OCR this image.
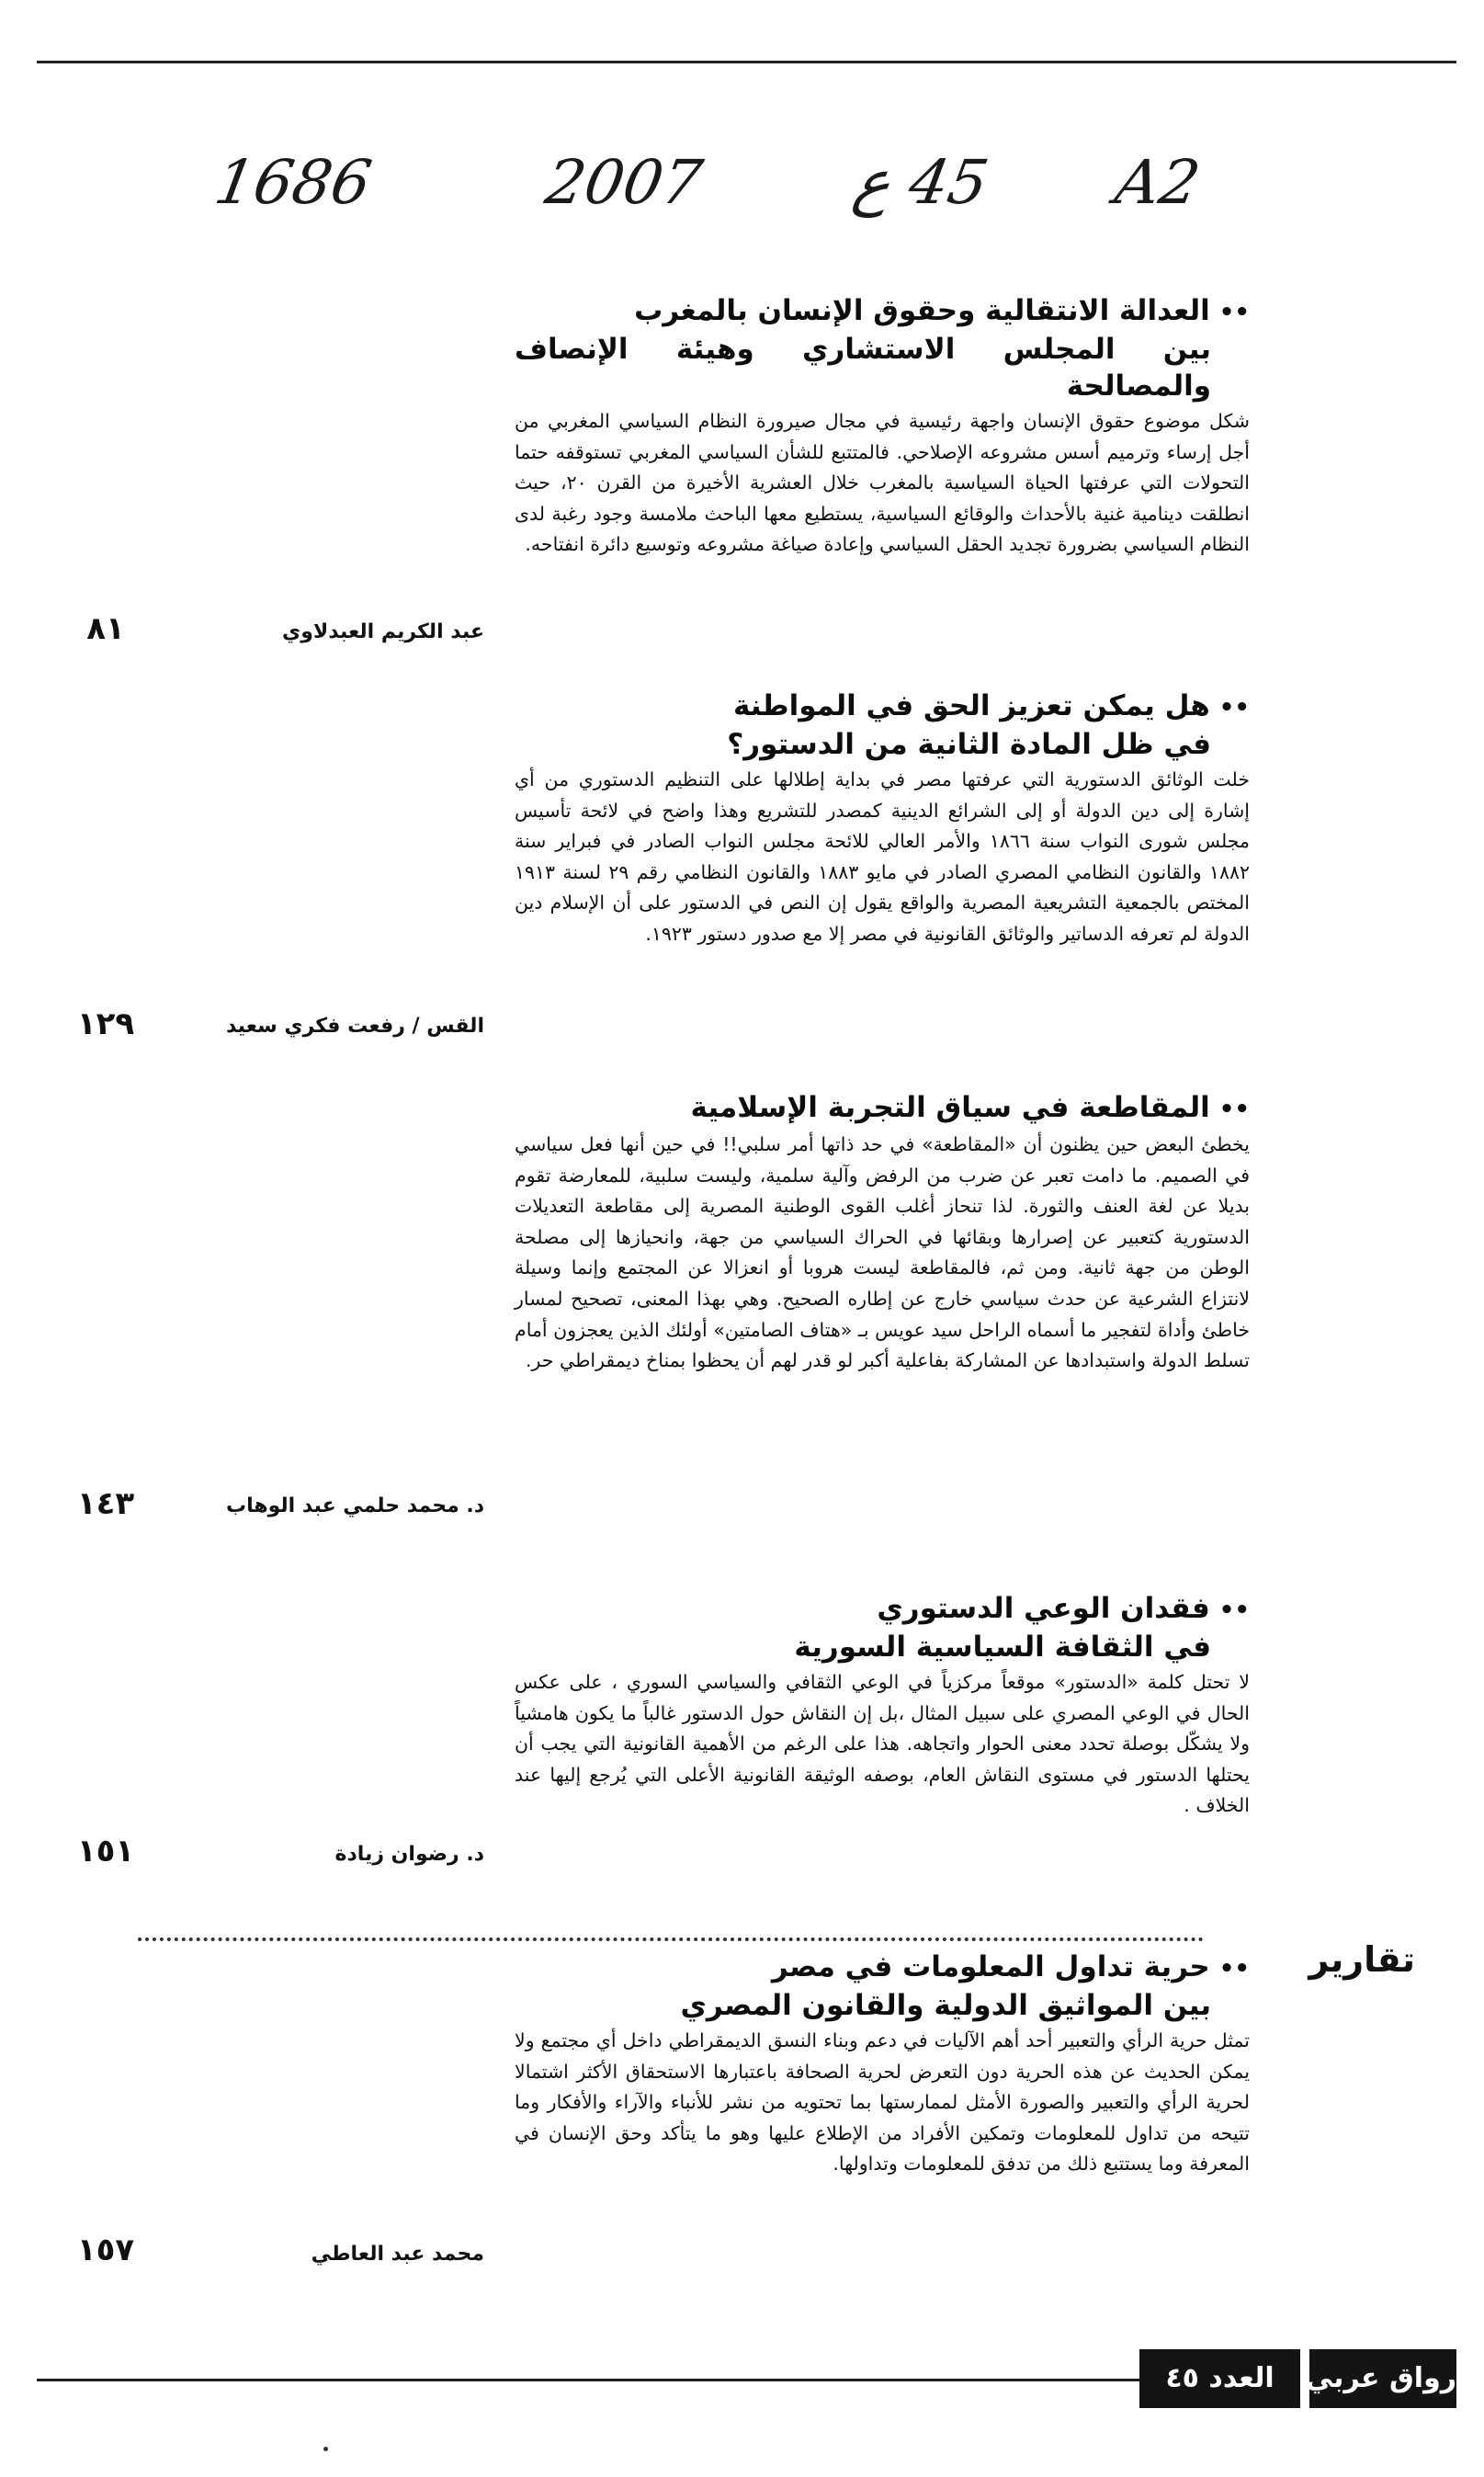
A2
45 ع
2007
1686

••العدالة الانتقالية وحقوق الإنسان بالمغرب

بين المجلس الاستشاري وهيئة الإنصاف والمصالحة

شكل موضوع حقوق الإنسان واجهة رئيسية في مجال صيرورة النظام السياسي المغربي من أجل إرساء وترميم أسس مشروعه الإصلاحي. فالمتتبع للشأن السياسي المغربي تستوقفه حتما التحولات التي عرفتها الحياة السياسية بالمغرب خلال العشرية الأخيرة من القرن ٢٠، حيث انطلقت دينامية غنية بالأحداث والوقائع السياسية، يستطيع معها الباحث ملامسة وجود رغبة لدى النظام السياسي بضرورة تجديد الحقل السياسي وإعادة صياغة مشروعه وتوسيع دائرة انفتاحه.

عبد الكريم العبدلاوي
٨١

••هل يمكن تعزيز الحق في المواطنة

في ظل المادة الثانية من الدستور؟

خلت الوثائق الدستورية التي عرفتها مصر في بداية إطلالها على التنظيم الدستوري من أي إشارة إلى دين الدولة أو إلى الشرائع الدينية كمصدر للتشريع وهذا واضح في لائحة تأسيس مجلس شورى النواب سنة ١٨٦٦ والأمر العالي للائحة مجلس النواب الصادر في فبراير سنة ١٨٨٢ والقانون النظامي المصري الصادر في مايو ١٨٨٣ والقانون النظامي رقم ٢٩ لسنة ١٩١٣ المختص بالجمعية التشريعية المصرية والواقع يقول إن النص في الدستور على أن الإسلام دين الدولة لم تعرفه الدساتير والوثائق القانونية في مصر إلا مع صدور دستور ١٩٢٣.

القس / رفعت فكري سعيد
١٢٩

••المقاطعة في سياق التجربة الإسلامية

يخطئ البعض حين يظنون أن «المقاطعة» في حد ذاتها أمر سلبي!! في حين أنها فعل سياسي في الصميم. ما دامت تعبر عن ضرب من الرفض وآلية سلمية، وليست سلبية، للمعارضة تقوم بديلا عن لغة العنف والثورة. لذا تنحاز أغلب القوى الوطنية المصرية إلى مقاطعة التعديلات الدستورية كتعبير عن إصرارها وبقائها في الحراك السياسي من جهة، وانحيازها إلى مصلحة الوطن من جهة ثانية. ومن ثم، فالمقاطعة ليست هروبا أو انعزالا عن المجتمع وإنما وسيلة لانتزاع الشرعية عن حدث سياسي خارج عن إطاره الصحيح. وهي بهذا المعنى، تصحيح لمسار خاطئ وأداة لتفجير ما أسماه الراحل سيد عويس بـ «هتاف الصامتين» أولئك الذين يعجزون أمام تسلط الدولة واستبدادها عن المشاركة بفاعلية أكبر لو قدر لهم أن يحظوا بمناخ ديمقراطي حر.

د. محمد حلمي عبد الوهاب
١٤٣

••فقدان الوعي الدستوري

في الثقافة السياسية السورية

لا تحتل كلمة «الدستور» موقعاً مركزياً في الوعي الثقافي والسياسي السوري ، على عكس الحال في الوعي المصري على سبيل المثال ،بل إن النقاش حول الدستور غالباً ما يكون هامشياً ولا يشكّل بوصلة تحدد معنى الحوار واتجاهه. هذا على الرغم من الأهمية القانونية التي يجب أن يحتلها الدستور في مستوى النقاش العام، بوصفه الوثيقة القانونية الأعلى التي يُرجع إليها عند الخلاف .

د. رضوان زيادة
١٥١
تقارير

••حرية تداول المعلومات في مصر

بين المواثيق الدولية والقانون المصري

تمثل حرية الرأي والتعبير أحد أهم الآليات في دعم وبناء النسق الديمقراطي داخل أي مجتمع ولا يمكن الحديث عن هذه الحرية دون التعرض لحرية الصحافة باعتبارها الاستحقاق الأكثر اشتمالا لحرية الرأي والتعبير والصورة الأمثل لممارستها بما تحتويه من نشر للأنباء والآراء والأفكار وما تتيحه من تداول للمعلومات وتمكين الأفراد من الإطلاع عليها وهو ما يتأكد وحق الإنسان في المعرفة وما يستتبع ذلك من تدفق للمعلومات وتداولها.

محمد عبد العاطي
١٥٧
العدد ٤٥	رواق عربي
